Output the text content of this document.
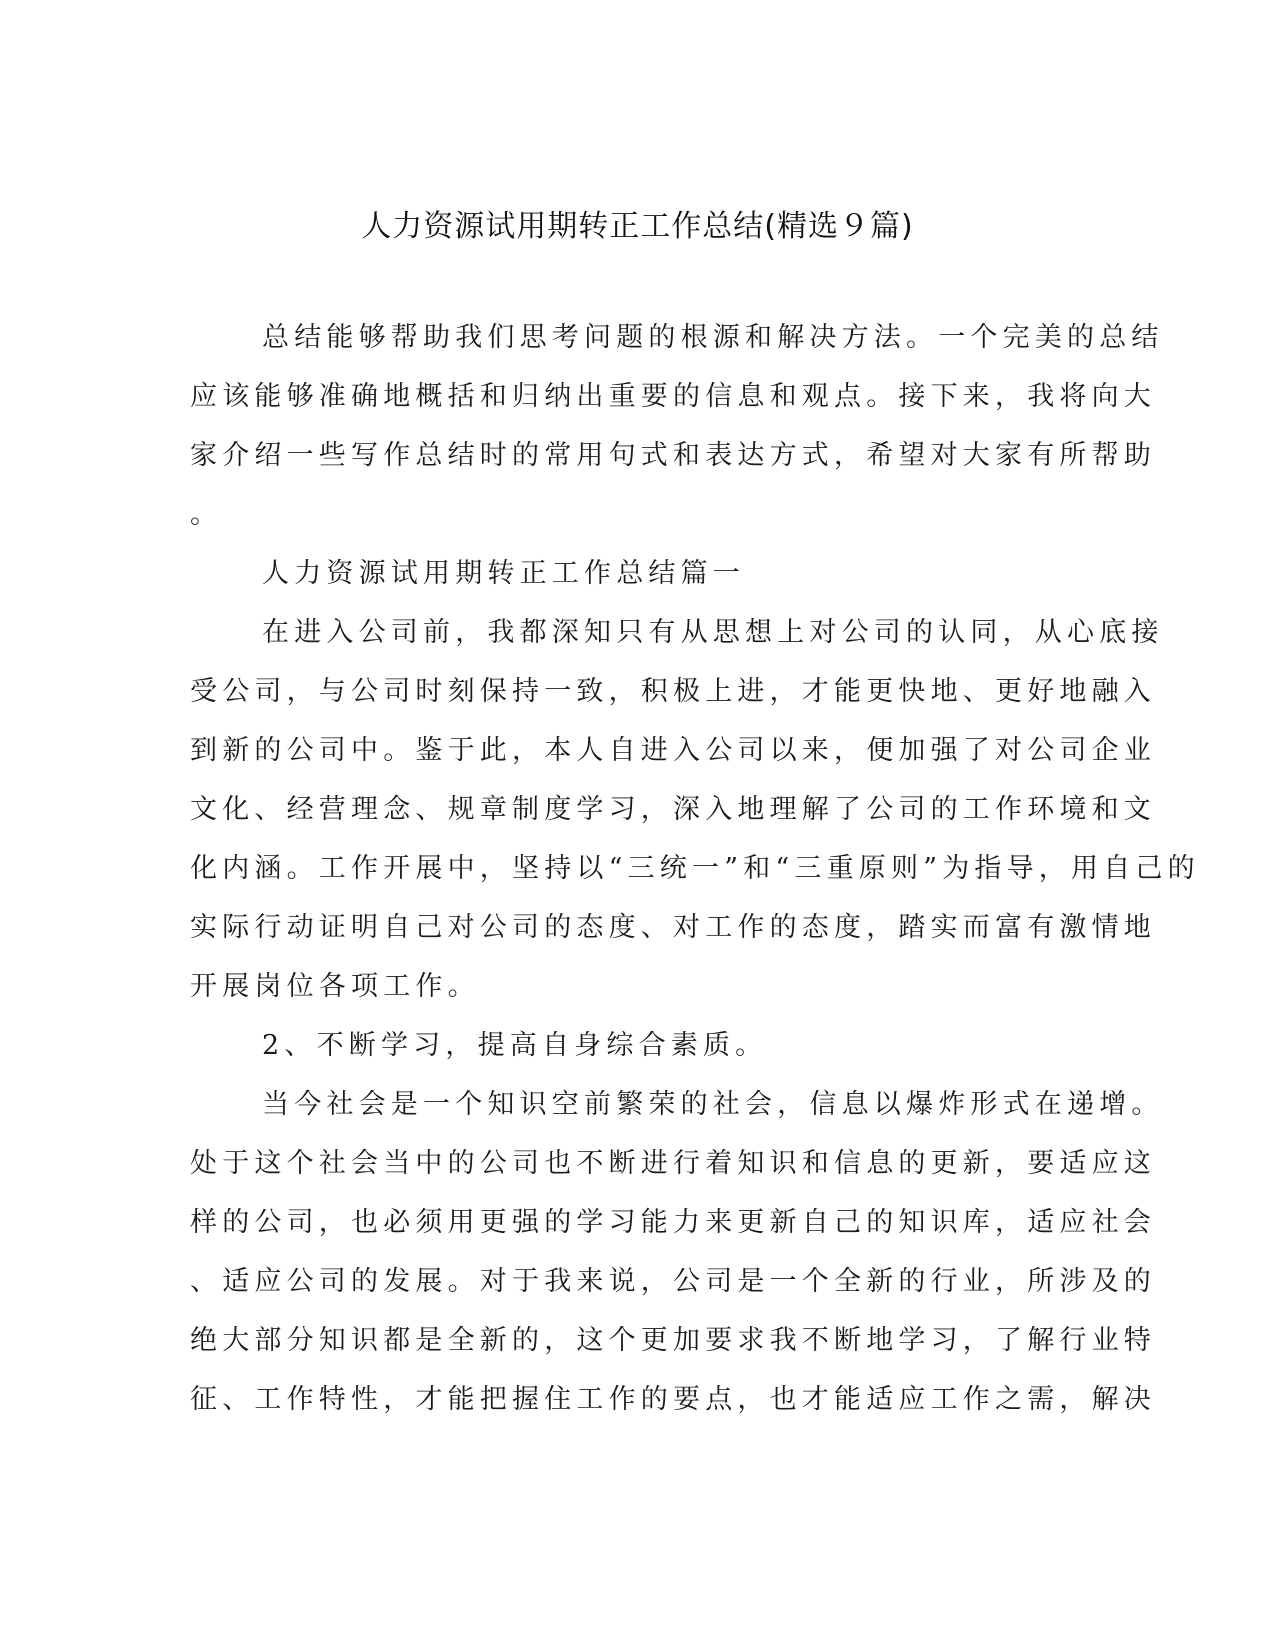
人力资源试用期转正工作总结(精选９篇)
总结能够帮助我们思考问题的根源和解决方法。一个完美的总结
应该能够准确地概括和归纳出重要的信息和观点。接下来，我将向大
家介绍一些写作总结时的常用句式和表达方式，希望对大家有所帮助
。
人力资源试用期转正工作总结篇一
在进入公司前，我都深知只有从思想上对公司的认同，从心底接
受公司，与公司时刻保持一致，积极上进，才能更快地、更好地融入
到新的公司中。鉴于此，本人自进入公司以来，便加强了对公司企业
文化、经营理念、规章制度学习，深入地理解了公司的工作环境和文
化内涵。工作开展中，坚持以“三统一”和“三重原则”为指导，用自己的
实际行动证明自己对公司的态度、对工作的态度，踏实而富有激情地
开展岗位各项工作。
2、不断学习，提高自身综合素质。
当今社会是一个知识空前繁荣的社会，信息以爆炸形式在递增。
处于这个社会当中的公司也不断进行着知识和信息的更新，要适应这
样的公司，也必须用更强的学习能力来更新自己的知识库，适应社会
、适应公司的发展。对于我来说，公司是一个全新的行业，所涉及的
绝大部分知识都是全新的，这个更加要求我不断地学习，了解行业特
征、工作特性，才能把握住工作的要点，也才能适应工作之需，解决
